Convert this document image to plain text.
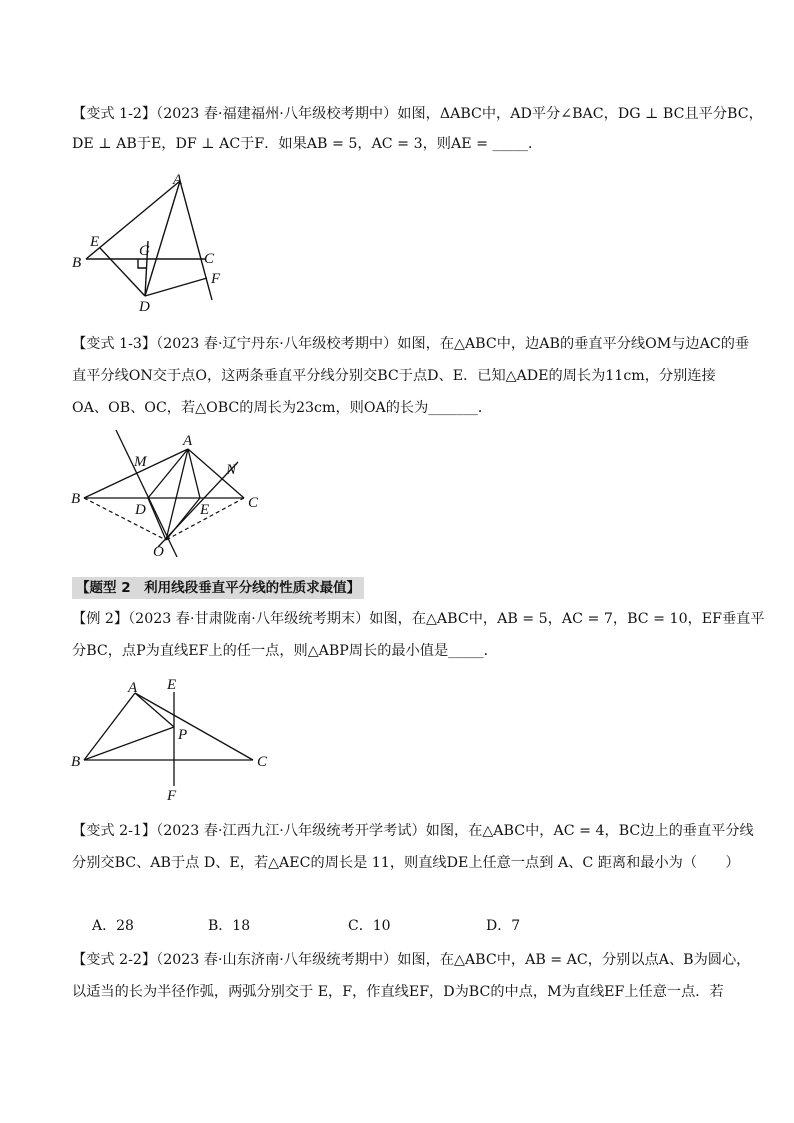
【变式 1-2】（2023 春·福建福州·八年级校考期中）如图，ΔABC中，AD平分∠BAC，DG ⊥ BC且平分BC，
DE ⊥ AB于E，DF ⊥ AC于F．如果AB = 5，AC = 3，则AE = _____．
A
B	C
D
E
F
G
【变式 1-3】（2023 春·辽宁丹东·八年级校考期中）如图，在△ABC中，边AB的垂直平分线OM与边AC的垂
直平分线ON交于点O，这两条垂直平分线分别交BC于点D、E．已知△ADE的周长为11cm，分别连接
OA、OB、OC，若△OBC的周长为23cm，则OA的长为_______．
A
B	C
D	E
M	N
O
【题型 2　利用线段垂直平分线的性质求最值】
【例 2】（2023 春·甘肃陇南·八年级统考期末）如图，在△ABC中，AB = 5，AC = 7，BC = 10，EF垂直平
分BC，点P为直线EF上的任一点，则△ABP周长的最小值是_____．
A
B	C
E
F
P
【变式 2-1】（2023 春·江西九江·八年级统考开学考试）如图，在△ABC中，AC = 4，BC边上的垂直平分线
分别交BC、AB于点 D、E，若△AEC的周长是 11，则直线DE上任意一点到 A、C 距离和最小为（　　）
A．28	B．18	C．10	D．7
【变式 2-2】（2023 春·山东济南·八年级统考期中）如图，在△ABC中，AB = AC，分别以点A、B为圆心，
以适当的长为半径作弧，两弧分别交于 E，F，作直线EF，D为BC的中点，M为直线EF上任意一点．若
